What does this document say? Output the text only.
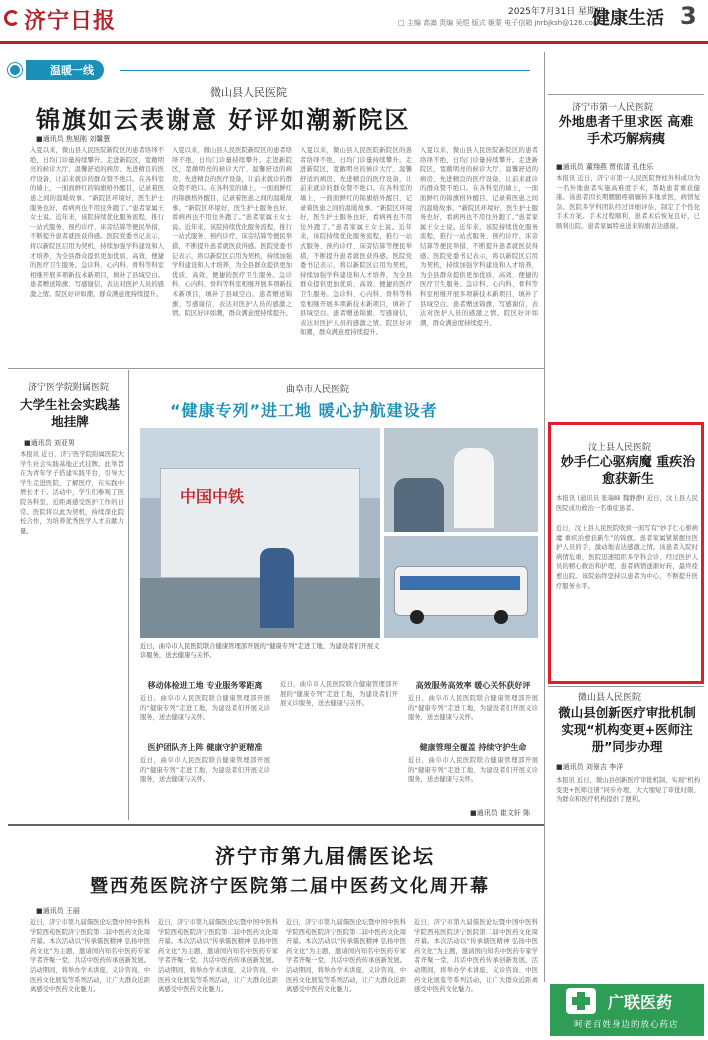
济宁日报	2025年7月31日 星期四
□ 主编 高嵩 责编 吴恺 版式 姬蒙 电子信箱 jnrbjksh@126.com
健康生活 3
温暖一线
微山县人民医院
锦旗如云表谢意 好评如潮新院区
■通讯员 焦旭刚 刘馨慧
入夏以来，微山县人民医院新院区的患者络绎不绝，日均门诊量持续攀升。走进新院区，宽敞明亮的候诊大厅、温馨舒适的病房、先进精良的医疗设备，让前来就诊的群众赞不绝口。在各科室的墙上，一面面鲜红的锦旗格外醒目，记录着医患之间的温暖故事。“新院区环境好，医生护士服务也好，看病再也不用往外跑了。”患者家属王女士说。近年来，该院持续优化服务流程，推行一站式服务、预约诊疗、床旁结算等便民举措，不断提升患者就医获得感。医院党委书记表示，将以新院区启用为契机，持续加强学科建设和人才培养，为全县群众提供更加优质、高效、便捷的医疗卫生服务。急诊科、心内科、骨科等科室相继开展多项新技术新项目，填补了县域空白。患者赠送锦旗、写感谢信，表达对医护人员的感激之情。院区好评如潮，群众满意度持续提升。
入夏以来，微山县人民医院新院区的患者络绎不绝，日均门诊量持续攀升。走进新院区，宽敞明亮的候诊大厅、温馨舒适的病房、先进精良的医疗设备，让前来就诊的群众赞不绝口。在各科室的墙上，一面面鲜红的锦旗格外醒目，记录着医患之间的温暖故事。“新院区环境好，医生护士服务也好，看病再也不用往外跑了。”患者家属王女士说。近年来，该院持续优化服务流程，推行一站式服务、预约诊疗、床旁结算等便民举措，不断提升患者就医获得感。医院党委书记表示，将以新院区启用为契机，持续加强学科建设和人才培养，为全县群众提供更加优质、高效、便捷的医疗卫生服务。急诊科、心内科、骨科等科室相继开展多项新技术新项目，填补了县域空白。患者赠送锦旗、写感谢信，表达对医护人员的感激之情。院区好评如潮，群众满意度持续提升。
入夏以来，微山县人民医院新院区的患者络绎不绝，日均门诊量持续攀升。走进新院区，宽敞明亮的候诊大厅、温馨舒适的病房、先进精良的医疗设备，让前来就诊的群众赞不绝口。在各科室的墙上，一面面鲜红的锦旗格外醒目，记录着医患之间的温暖故事。“新院区环境好，医生护士服务也好，看病再也不用往外跑了。”患者家属王女士说。近年来，该院持续优化服务流程，推行一站式服务、预约诊疗、床旁结算等便民举措，不断提升患者就医获得感。医院党委书记表示，将以新院区启用为契机，持续加强学科建设和人才培养，为全县群众提供更加优质、高效、便捷的医疗卫生服务。急诊科、心内科、骨科等科室相继开展多项新技术新项目，填补了县域空白。患者赠送锦旗、写感谢信，表达对医护人员的感激之情。院区好评如潮，群众满意度持续提升。
入夏以来，微山县人民医院新院区的患者络绎不绝，日均门诊量持续攀升。走进新院区，宽敞明亮的候诊大厅、温馨舒适的病房、先进精良的医疗设备，让前来就诊的群众赞不绝口。在各科室的墙上，一面面鲜红的锦旗格外醒目，记录着医患之间的温暖故事。“新院区环境好，医生护士服务也好，看病再也不用往外跑了。”患者家属王女士说。近年来，该院持续优化服务流程，推行一站式服务、预约诊疗、床旁结算等便民举措，不断提升患者就医获得感。医院党委书记表示，将以新院区启用为契机，持续加强学科建设和人才培养，为全县群众提供更加优质、高效、便捷的医疗卫生服务。急诊科、心内科、骨科等科室相继开展多项新技术新项目，填补了县域空白。患者赠送锦旗、写感谢信，表达对医护人员的感激之情。院区好评如潮，群众满意度持续提升。
济宁市第一人民医院
外地患者千里求医 高难手术巧解病痍
■通讯员 董翔燕 贾依清 孔佳乐
本报讯 近日，济宁市第一人民医院脊柱外科成功为一名外地患者实施高难度手术，帮助患者重获健康。该患者因长期腰腿疼痛辗转多地求医，病情复杂。医院多学科团队经过详细评估，制定了个性化手术方案。手术过程顺利，患者术后恢复良好，已顺利出院。患者家属特意送来锦旗表达感谢。
汶上县人民医院
妙手仁心驱病魔 重疾治愈获新生
本报讯 (通讯员 张瑞峰 魏静静) 近日，汶上县人民医院成功救治一名重症患者。
近日，汶上县人民医院收到一面写有“妙手仁心驱病魔 重疾治愈获新生”的锦旗。患者家属紧紧握住医护人员的手，激动地表达感激之情。该患者入院时病情危重，医院迅速组织多学科会诊，经过医护人员的精心救治和护理，患者病情逐渐好转，最终痊愈出院。该院始终坚持以患者为中心，不断提升医疗服务水平。
微山县人民医院
微山县创新医疗审批机制 实现“机构变更+医师注册”同步办理
■通讯员 刘景吉 李洋
本报讯 近日，微山县创新医疗审批机制，实现“机构变更+医师注册”同步办理，大大缩短了审批时限，为群众和医疗机构提供了便利。
济宁医学院附属医院
大学生社会实践基地挂牌
■通讯员 刘亚男
本报讯 近日，济宁医学院附属医院大学生社会实践基地正式挂牌。此举旨在为青年学子搭建实践平台，引导大学生走进医院、了解医疗，在实践中增长才干。活动中，学生们参观了医院各科室，近距离感受医护工作的日常。医院将以此为契机，持续深化院校合作，为培养优秀医学人才贡献力量。
曲阜市人民医院
“健康专列”进工地 暖心护航建设者
中国中铁
近日，曲阜市人民医院联合健康管理部开展的“健康专列”走进工地，为建设者们开展义诊服务，送去健康与关怀。
移动体检进工地 专业服务零距离
近日，曲阜市人民医院联合健康管理部开展的“健康专列”走进工地，为建设者们开展义诊服务，送去健康与关怀。
医护团队齐上阵 健康守护更精准
近日，曲阜市人民医院联合健康管理部开展的“健康专列”走进工地，为建设者们开展义诊服务，送去健康与关怀。
近日，曲阜市人民医院联合健康管理部开展的“健康专列”走进工地，为建设者们开展义诊服务，送去健康与关怀。
高效服务高效率 暖心关怀获好评
近日，曲阜市人民医院联合健康管理部开展的“健康专列”走进工地，为建设者们开展义诊服务，送去健康与关怀。
健康管理全覆盖 持续守护生命
近日，曲阜市人民医院联合健康管理部开展的“健康专列”走进工地，为建设者们开展义诊服务，送去健康与关怀。
■通讯员 崔文轩 陈
济宁市第九届儒医论坛
暨西苑医院济宁医院第二届中医药文化周开幕
■通讯员 王丽
近日，济宁市第九届儒医论坛暨中国中医科学院西苑医院济宁医院第二届中医药文化周开幕。本次活动以“传承儒医精神 弘扬中医药文化”为主题，邀请国内知名中医药专家学者齐聚一堂，共话中医药传承创新发展。活动期间，将举办学术讲座、义诊咨询、中医药文化展览等系列活动，让广大群众近距离感受中医药文化魅力。
近日，济宁市第九届儒医论坛暨中国中医科学院西苑医院济宁医院第二届中医药文化周开幕。本次活动以“传承儒医精神 弘扬中医药文化”为主题，邀请国内知名中医药专家学者齐聚一堂，共话中医药传承创新发展。活动期间，将举办学术讲座、义诊咨询、中医药文化展览等系列活动，让广大群众近距离感受中医药文化魅力。
近日，济宁市第九届儒医论坛暨中国中医科学院西苑医院济宁医院第二届中医药文化周开幕。本次活动以“传承儒医精神 弘扬中医药文化”为主题，邀请国内知名中医药专家学者齐聚一堂，共话中医药传承创新发展。活动期间，将举办学术讲座、义诊咨询、中医药文化展览等系列活动，让广大群众近距离感受中医药文化魅力。
近日，济宁市第九届儒医论坛暨中国中医科学院西苑医院济宁医院第二届中医药文化周开幕。本次活动以“传承儒医精神 弘扬中医药文化”为主题，邀请国内知名中医药专家学者齐聚一堂，共话中医药传承创新发展。活动期间，将举办学术讲座、义诊咨询、中医药文化展览等系列活动，让广大群众近距离感受中医药文化魅力。
广联医药
呵老百姓身边的放心药店
